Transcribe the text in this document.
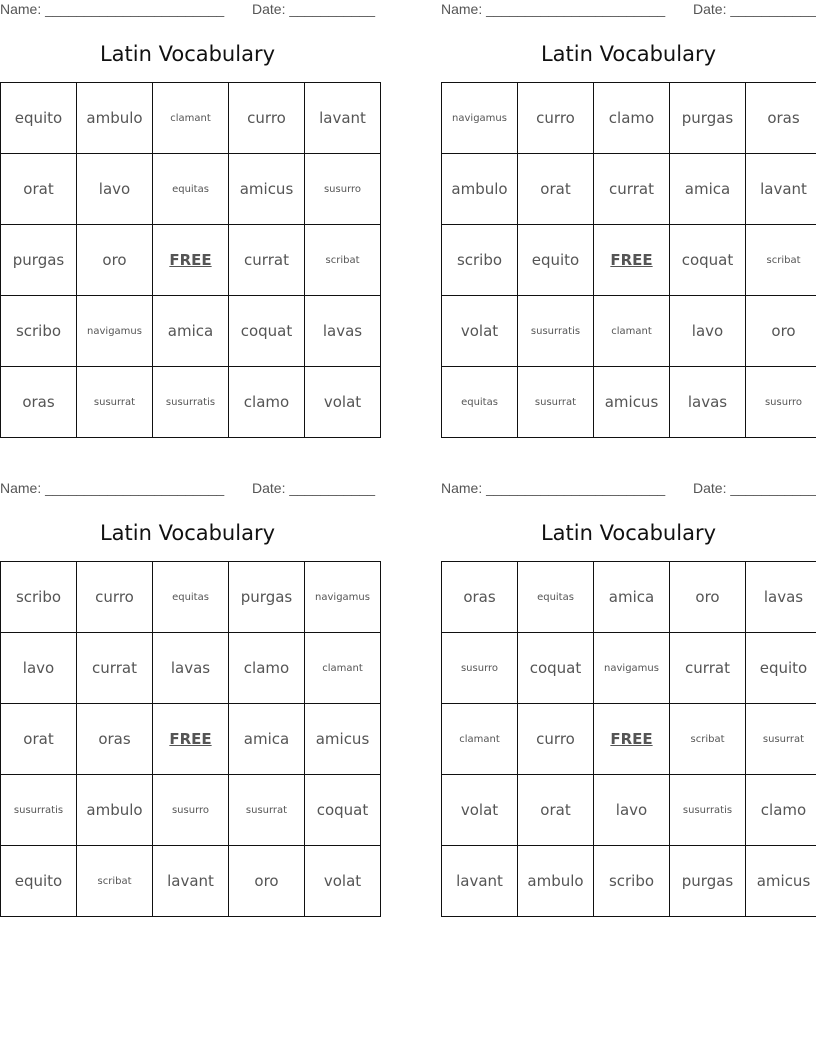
Name: _______________________ Date: ___________
Latin Vocabulary
equito	ambulo	clamant	curro	lavant
orat	lavo	equitas	amicus	susurro
purgas	oro	FREE	currat	scribat
scribo	navigamus	amica	coquat	lavas
oras	susurrat	susurratis	clamo	volat
Name: _______________________ Date: ___________
Latin Vocabulary
navigamus	curro	clamo	purgas	oras
ambulo	orat	currat	amica	lavant
scribo	equito	FREE	coquat	scribat
volat	susurratis	clamant	lavo	oro
equitas	susurrat	amicus	lavas	susurro
Name: _______________________ Date: ___________
Latin Vocabulary
scribo	curro	equitas	purgas	navigamus
lavo	currat	lavas	clamo	clamant
orat	oras	FREE	amica	amicus
susurratis	ambulo	susurro	susurrat	coquat
equito	scribat	lavant	oro	volat
Name: _______________________ Date: ___________
Latin Vocabulary
oras	equitas	amica	oro	lavas
susurro	coquat	navigamus	currat	equito
clamant	curro	FREE	scribat	susurrat
volat	orat	lavo	susurratis	clamo
lavant	ambulo	scribo	purgas	amicus
